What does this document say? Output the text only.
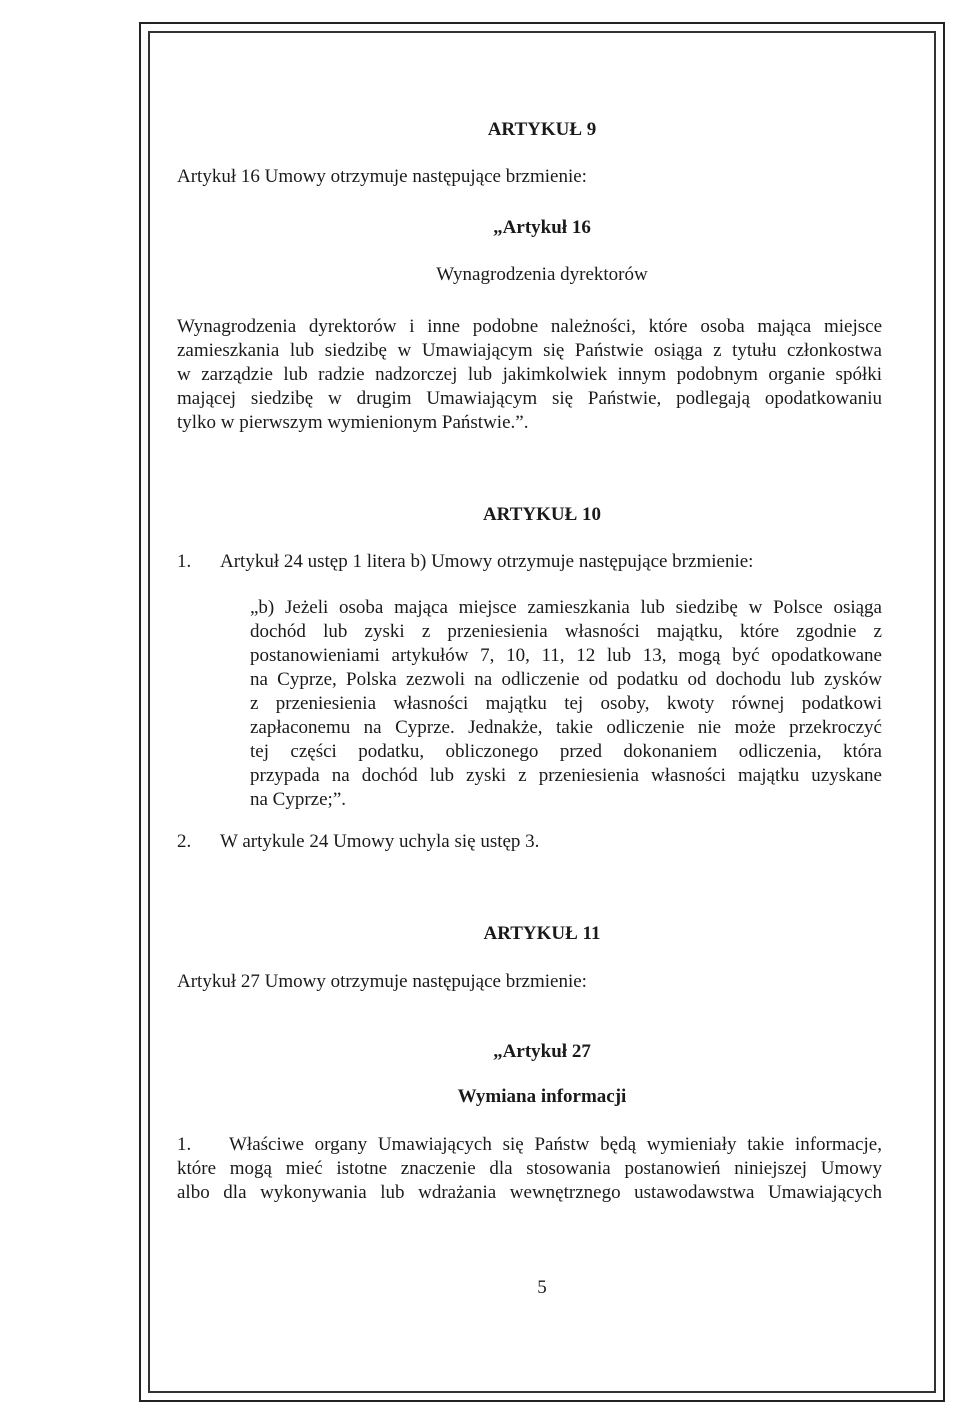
ARTYKUŁ 9
Artykuł 16 Umowy otrzymuje następujące brzmienie:
„Artykuł 16
Wynagrodzenia dyrektorów
Wynagrodzenia dyrektorów i inne podobne należności, które osoba mająca miejsce
zamieszkania lub siedzibę w Umawiającym się Państwie osiąga z tytułu członkostwa
w zarządzie lub radzie nadzorczej lub jakimkolwiek innym podobnym organie spółki
mającej siedzibę w drugim Umawiającym się Państwie, podlegają opodatkowaniu
tylko w pierwszym wymienionym Państwie.”.
ARTYKUŁ 10
1. Artykuł 24 ustęp 1 litera b) Umowy otrzymuje następujące brzmienie:
„b) Jeżeli osoba mająca miejsce zamieszkania lub siedzibę w Polsce osiąga
dochód lub zyski z przeniesienia własności majątku, które zgodnie z
postanowieniami artykułów 7, 10, 11, 12 lub 13, mogą być opodatkowane
na Cyprze, Polska zezwoli na odliczenie od podatku od dochodu lub zysków
z przeniesienia własności majątku tej osoby, kwoty równej podatkowi
zapłaconemu na Cyprze. Jednakże, takie odliczenie nie może przekroczyć
tej części podatku, obliczonego przed dokonaniem odliczenia, która
przypada na dochód lub zyski z przeniesienia własności majątku uzyskane
na Cyprze;”.
2. W artykule 24 Umowy uchyla się ustęp 3.
ARTYKUŁ 11
Artykuł 27 Umowy otrzymuje następujące brzmienie:
„Artykuł 27
Wymiana informacji
1.	Właściwe organy Umawiających się Państw będą wymieniały takie informacje,
które mogą mieć istotne znaczenie dla stosowania postanowień niniejszej Umowy
albo dla wykonywania lub wdrażania wewnętrznego ustawodawstwa Umawiających
5
